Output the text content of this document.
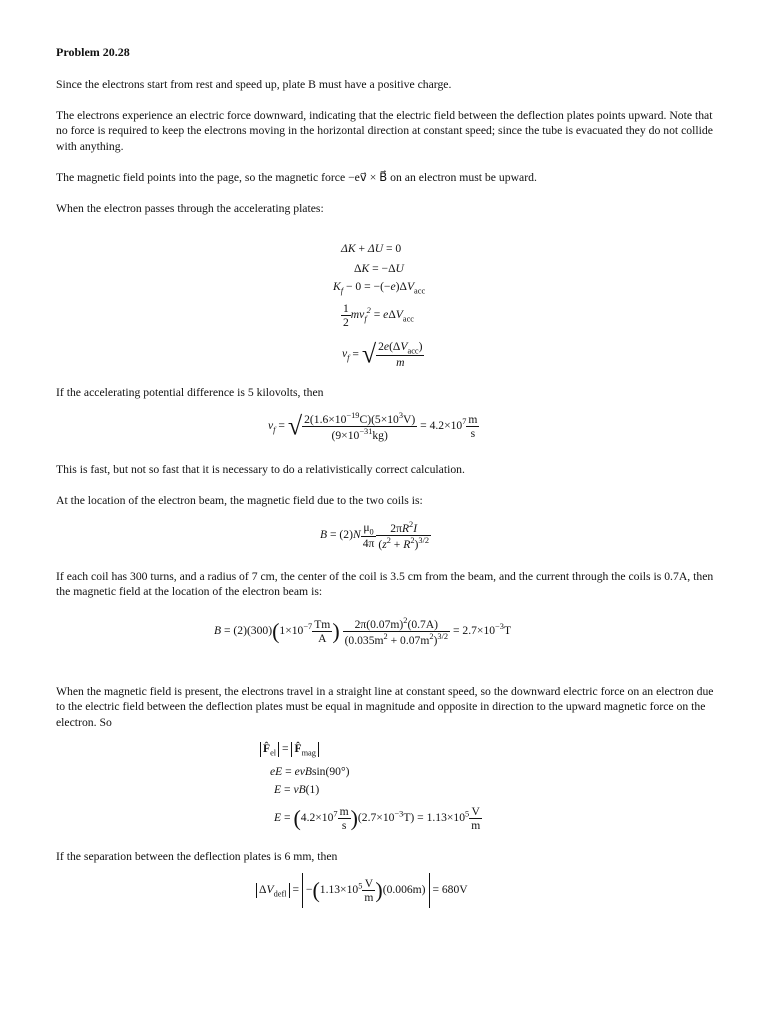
Problem 20.28
Since the electrons start from rest and speed up, plate B must have a positive charge.
The electrons experience an electric force downward, indicating that the electric field between the deflection plates points upward. Note that no force is required to keep the electrons moving in the horizontal direction at constant speed; since the tube is evacuated they do not collide with anything.
The magnetic field points into the page, so the magnetic force −ev⃗ × B⃗ on an electron must be upward.
When the electron passes through the accelerating plates:
ΔK + ΔU = 0
ΔK = −ΔU
$K_f - 0 = -(-e)\Delta V_{acc}$
$\frac{1}{2} mv_f^2 = e\Delta V_{acc}$
$v_f$ = √ $\frac{2e(\Delta V_{acc})}{m}$
If the accelerating potential difference is 5 kilovolts, then
$v_f$ = √ $\frac{2(1.6\times 10^{-19}C)(5\times 10^3V)}{(9\times 10^{-31}kg)} = 4.2\times 10^7 \frac{m}{s}$
This is fast, but not so fast that it is necessary to do a relativistically correct calculation.
At the location of the electron beam, the magnetic field due to the two coils is:
$B = (2)N \frac{\mu_0}{4\pi} \frac{2\pi R^2I}{(z^2 + R^2)^{3/2}}$
If each coil has 300 turns, and a radius of 7 cm, the center of the coil is 3.5 cm from the beam, and the current through the coils is 0.7A, then the magnetic field at the location of the electron beam is:
$B = (2)(300)(1\times 10^{-7} \frac{Tm}{A}$ ) $\frac{2\pi(0.07m)^2(0.7A)}{(0.035m^2 + 0.07m^2)^{3/2}} = 2.7\times 10^{-3}T$
When the magnetic field is present, the electrons travel in a straight line at constant speed, so the downward electric force on an electron due to the electric field between the deflection plates must be equal in magnitude and opposite in direction to the upward magnetic force on the electron. So
$F̂_{el}$ = $F̂_{mag}$
eE = evBsin(90°)
E = vB(1)
$E = (4.2\times 10^7 \frac{m}{s} )(2.7\times 10^{-3}T) = 1.13\times 10^5 \frac{V}{m}$
If the separation between the deflection plates is 6 mm, then
$\Delta V_{defl} = -(1.13\times 10^5 \frac{V}{m} )(0.006m) = 680V$
